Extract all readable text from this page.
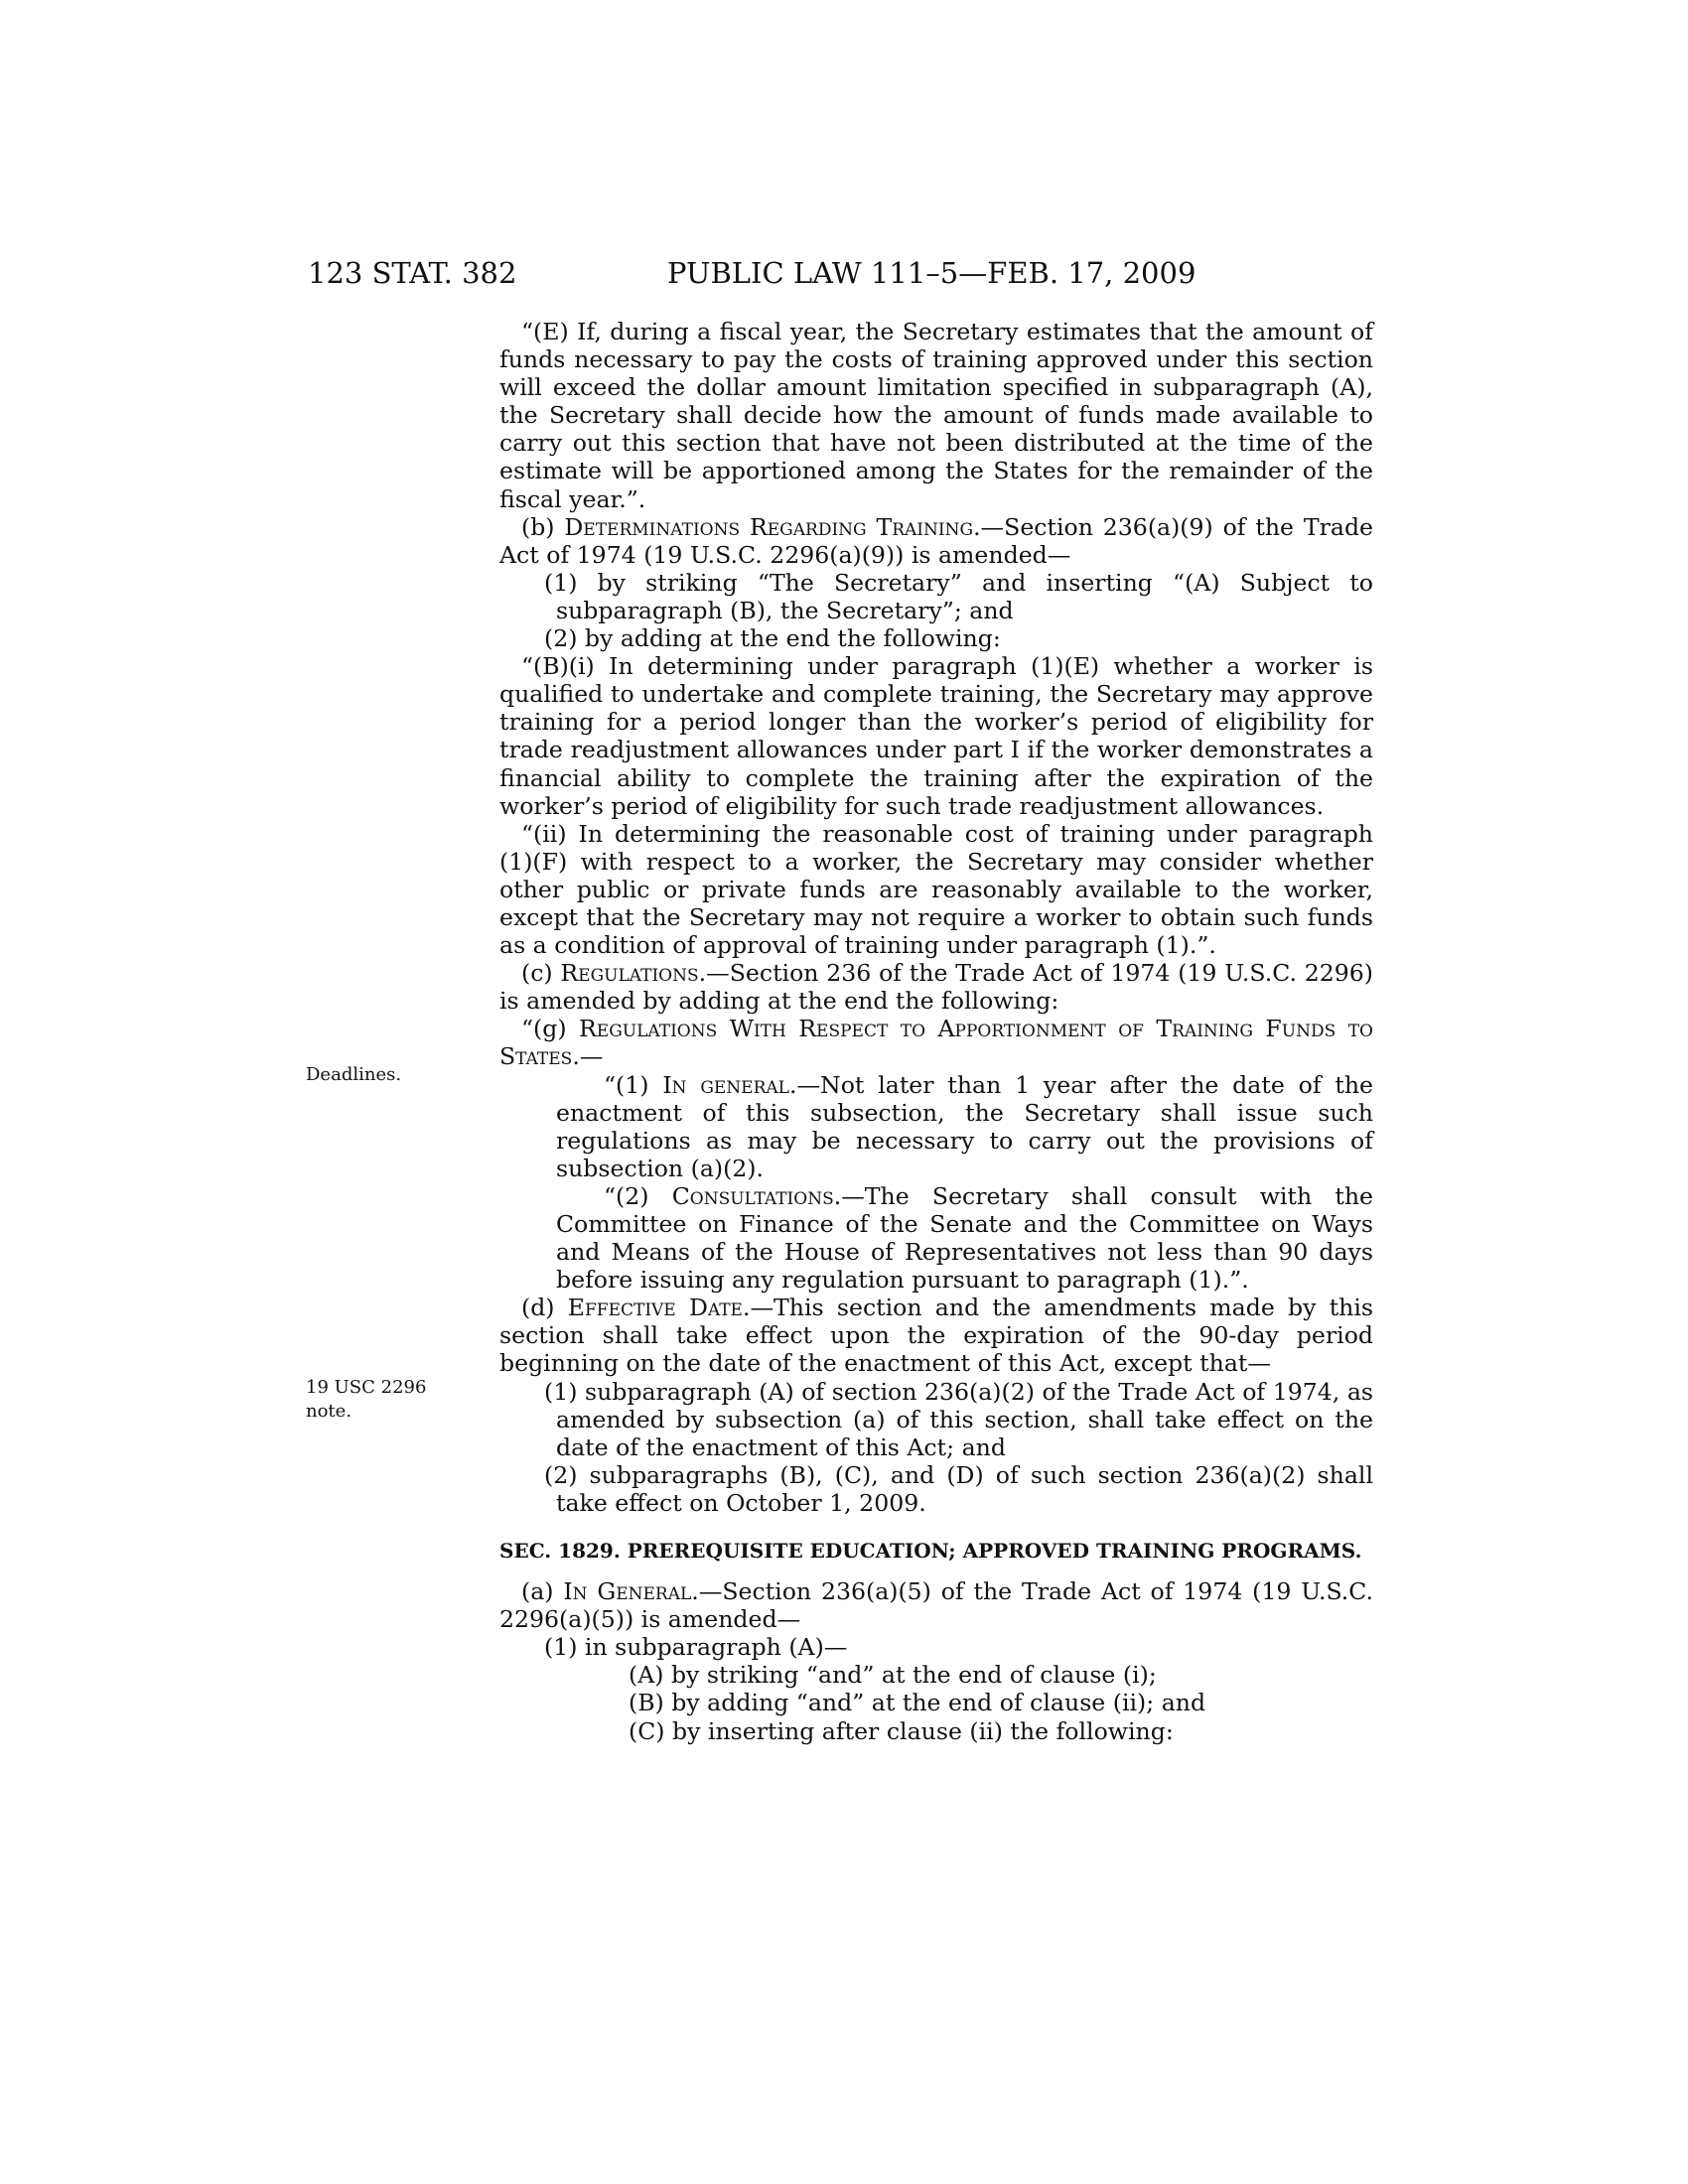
123 STAT. 382	PUBLIC LAW 111–5—FEB. 17, 2009
Deadlines.
19 USC 2296
note.

“(E) If, during a fiscal year, the Secretary estimates that the amount of funds necessary to pay the costs of training approved under this section will exceed the dollar amount limitation specified in subparagraph (A), the Secretary shall decide how the amount of funds made available to carry out this section that have not been distributed at the time of the estimate will be apportioned among the States for the remainder of the fiscal year.”.

(b) Determinations Regarding Training.—Section 236(a)(9) of the Trade Act of 1974 (19 U.S.C. 2296(a)(9)) is amended—

(1) by striking “The Secretary” and inserting “(A) Subject to subparagraph (B), the Secretary”; and

(2) by adding at the end the following:

“(B)(i) In determining under paragraph (1)(E) whether a worker is qualified to undertake and complete training, the Secretary may approve training for a period longer than the worker’s period of eligibility for trade readjustment allowances under part I if the worker demonstrates a financial ability to complete the training after the expiration of the worker’s period of eligibility for such trade readjustment allowances.

“(ii) In determining the reasonable cost of training under paragraph (1)(F) with respect to a worker, the Secretary may consider whether other public or private funds are reasonably available to the worker, except that the Secretary may not require a worker to obtain such funds as a condition of approval of training under paragraph (1).”.

(c) Regulations.—Section 236 of the Trade Act of 1974 (19 U.S.C. 2296) is amended by adding at the end the following:

“(g) Regulations With Respect to Apportionment of Training Funds to States.—

“(1) In general.—Not later than 1 year after the date of the enactment of this subsection, the Secretary shall issue such regulations as may be necessary to carry out the provisions of subsection (a)(2).

“(2) Consultations.—The Secretary shall consult with the Committee on Finance of the Senate and the Committee on Ways and Means of the House of Representatives not less than 90 days before issuing any regulation pursuant to paragraph (1).”.

(d) Effective Date.—This section and the amendments made by this section shall take effect upon the expiration of the 90-day period beginning on the date of the enactment of this Act, except that—

(1) subparagraph (A) of section 236(a)(2) of the Trade Act of 1974, as amended by subsection (a) of this section, shall take effect on the date of the enactment of this Act; and

(2) subparagraphs (B), (C), and (D) of such section 236(a)(2) shall take effect on October 1, 2009.

SEC. 1829. PREREQUISITE EDUCATION; APPROVED TRAINING PROGRAMS.

(a) In General.—Section 236(a)(5) of the Trade Act of 1974 (19 U.S.C. 2296(a)(5)) is amended—

(1) in subparagraph (A)—

(A) by striking “and” at the end of clause (i);

(B) by adding “and” at the end of clause (ii); and

(C) by inserting after clause (ii) the following:
